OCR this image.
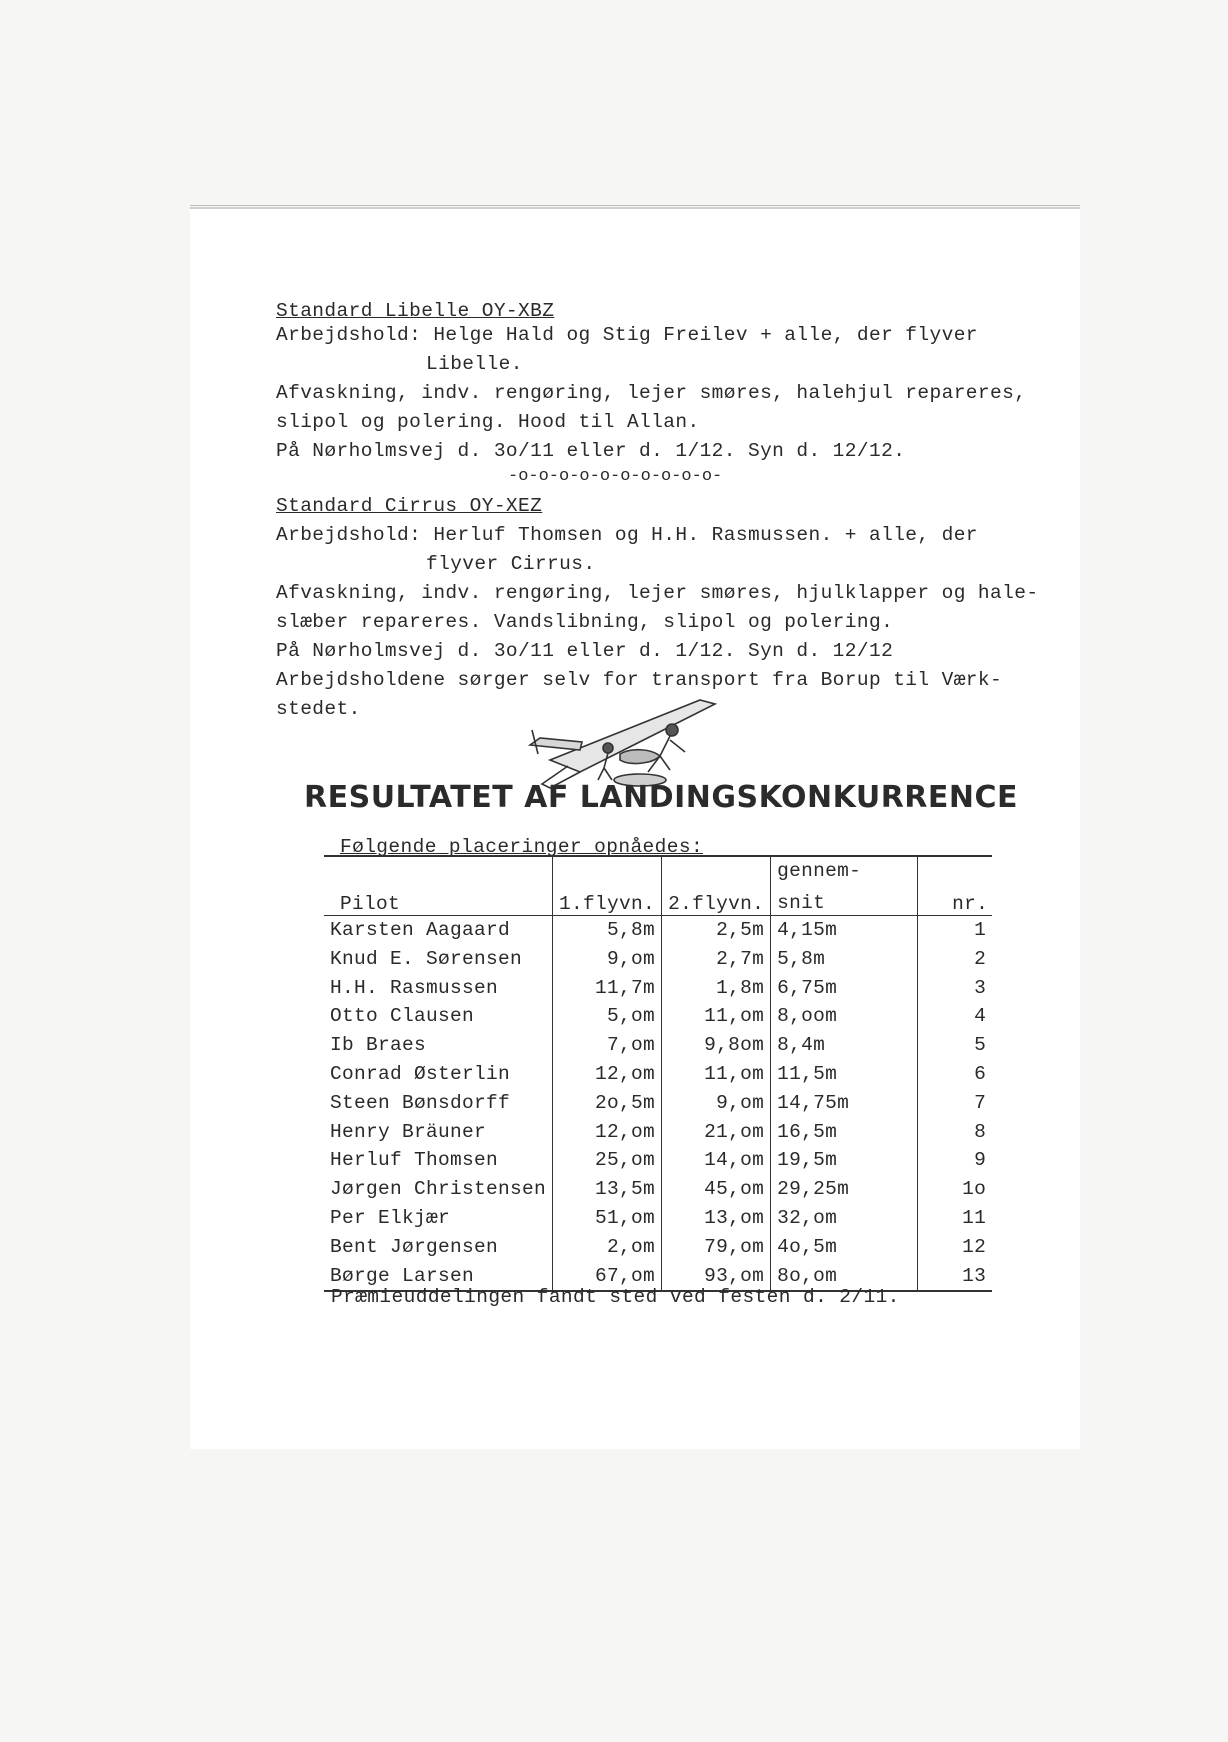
Standard Libelle OY-XBZ
Arbejdshold: Helge Hald og Stig Freilev + alle, der flyver
Libelle.
Afvaskning, indv. rengøring, lejer smøres, halehjul repareres,
slipol og polering. Hood til Allan.
På Nørholmsvej d. 3o/11 eller d. 1/12. Syn d. 12/12.
-o-o-o-o-o-o-o-o-o-o-
Standard Cirrus OY-XEZ
Arbejdshold: Herluf Thomsen og H.H. Rasmussen. + alle, der
flyver Cirrus.
Afvaskning, indv. rengøring, lejer smøres, hjulklapper og hale-
slæber repareres. Vandslibning, slipol og polering.
På Nørholmsvej d. 3o/11 eller d. 1/12. Syn d. 12/12
Arbejdsholdene sørger selv for transport fra Borup til Værk-
stedet.
RESULTATET AF LANDINGSKONKURRENCE
Følgende placeringer opnåedes:
			gennem-	
Pilot	1.flyvn.	2.flyvn.	snit	nr.
Karsten Aagaard	5,8m	2,5m	4,15m	1
Knud E. Sørensen	9,om	2,7m	5,8m	2
H.H. Rasmussen	11,7m	1,8m	6,75m	3
Otto Clausen	5,om	11,om	8,oom	4
Ib Braes	7,om	9,8om	8,4m	5
Conrad Østerlin	12,om	11,om	11,5m	6
Steen Bønsdorff	2o,5m	9,om	14,75m	7
Henry Bräuner	12,om	21,om	16,5m	8
Herluf Thomsen	25,om	14,om	19,5m	9
Jørgen Christensen	13,5m	45,om	29,25m	1o
Per Elkjær	51,om	13,om	32,om	11
Bent Jørgensen	2,om	79,om	4o,5m	12
Børge Larsen	67,om	93,om	8o,om	13
Præmieuddelingen fandt sted ved festen d. 2/11.
